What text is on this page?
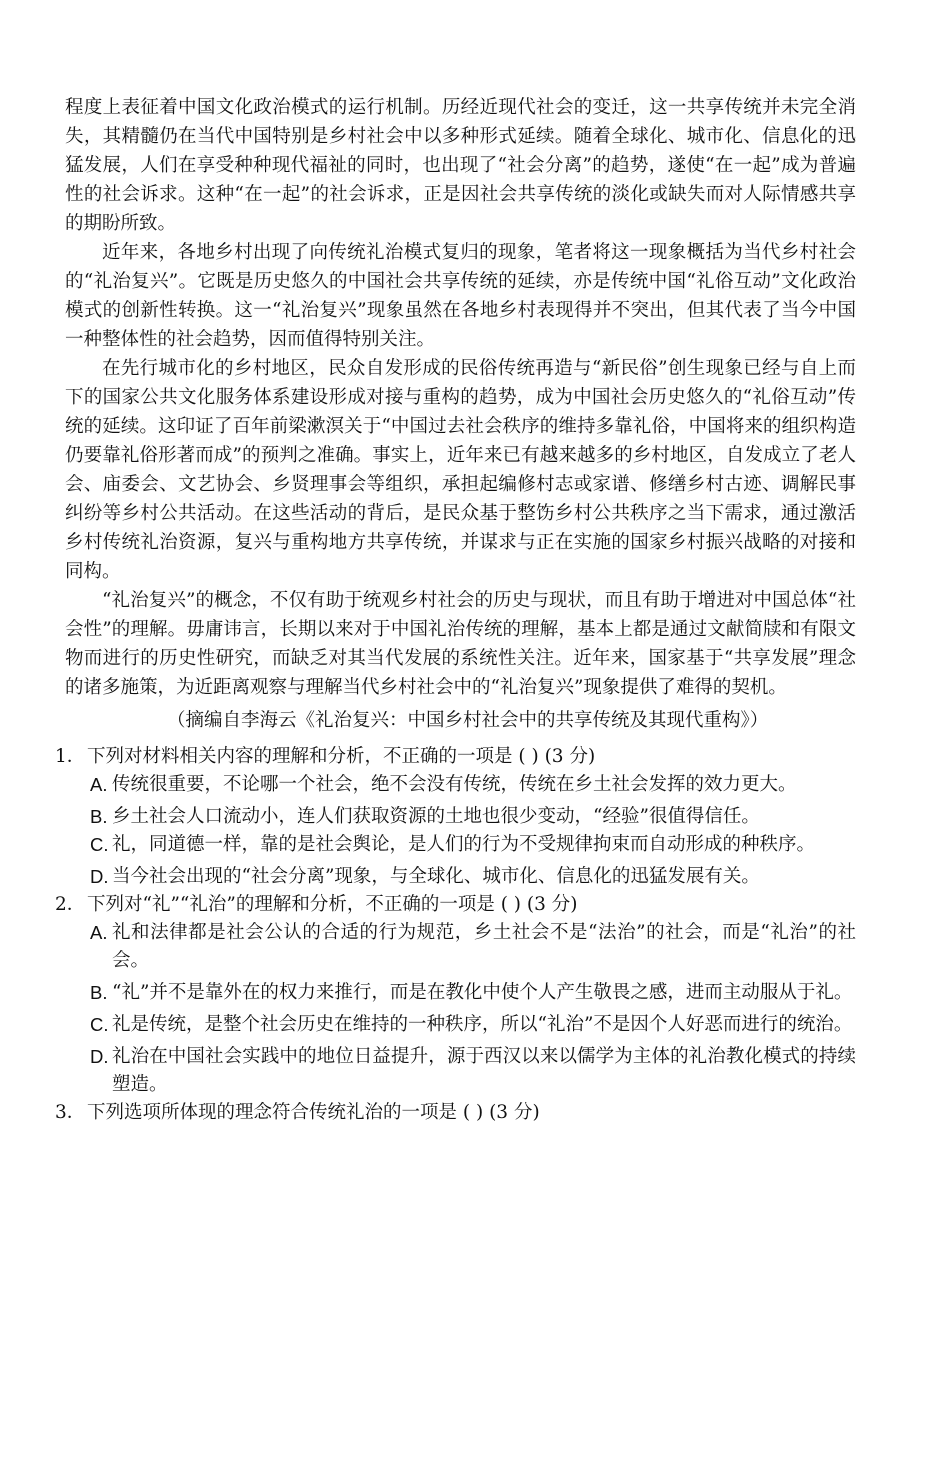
程度上表征着中国文化政治模式的运行机制。历经近现代社会的变迁，这一共享传统并未完全消失，其精髓仍在当代中国特别是乡村社会中以多种形式延续。随着全球化、城市化、信息化的迅猛发展，人们在享受种种现代福祉的同时，也出现了“社会分离”的趋势，遂使“在一起”成为普遍性的社会诉求。这种“在一起”的社会诉求，正是因社会共享传统的淡化或缺失而对人际情感共享的期盼所致。

近年来，各地乡村出现了向传统礼治模式复归的现象，笔者将这一现象概括为当代乡村社会的“礼治复兴”。它既是历史悠久的中国社会共享传统的延续，亦是传统中国“礼俗互动”文化政治模式的创新性转换。这一“礼治复兴”现象虽然在各地乡村表现得并不突出，但其代表了当今中国一种整体性的社会趋势，因而值得特别关注。

在先行城市化的乡村地区，民众自发形成的民俗传统再造与“新民俗”创生现象已经与自上而下的国家公共文化服务体系建设形成对接与重构的趋势，成为中国社会历史悠久的“礼俗互动”传统的延续。这印证了百年前梁漱溟关于“中国过去社会秩序的维持多靠礼俗，中国将来的组织构造仍要靠礼俗形著而成”的预判之准确。事实上，近年来已有越来越多的乡村地区，自发成立了老人会、庙委会、文艺协会、乡贤理事会等组织，承担起编修村志或家谱、修缮乡村古迹、调解民事纠纷等乡村公共活动。在这些活动的背后，是民众基于整饬乡村公共秩序之当下需求，通过激活乡村传统礼治资源，复兴与重构地方共享传统，并谋求与正在实施的国家乡村振兴战略的对接和同构。

“礼治复兴”的概念，不仅有助于统观乡村社会的历史与现状，而且有助于增进对中国总体“社会性”的理解。毋庸讳言，长期以来对于中国礼治传统的理解，基本上都是通过文献简牍和有限文物而进行的历史性研究，而缺乏对其当代发展的系统性关注。近年来，国家基于“共享发展”理念的诸多施策，为近距离观察与理解当代乡村社会中的“礼治复兴”现象提供了难得的契机。

（摘编自李海云《礼治复兴：中国乡村社会中的共享传统及其现代重构》）
1． 下列对材料相关内容的理解和分析，不正确的一项是 ( ) (3 分)
A. 传统很重要，不论哪一个社会，绝不会没有传统，传统在乡土社会发挥的效力更大。
B. 乡土社会人口流动小，连人们获取资源的土地也很少变动，“经验”很值得信任。
C. 礼，同道德一样，靠的是社会舆论，是人们的行为不受规律拘束而自动形成的种秩序。
D. 当今社会出现的“社会分离”现象，与全球化、城市化、信息化的迅猛发展有关。
2． 下列对“礼”“礼治”的理解和分析，不正确的一项是 ( ) (3 分)
A. 礼和法律都是社会公认的合适的行为规范，乡土社会不是“法治”的社会，而是“礼治”的社会。
B. “礼”并不是靠外在的权力来推行，而是在教化中使个人产生敬畏之感，进而主动服从于礼。
C. 礼是传统，是整个社会历史在维持的一种秩序，所以“礼治”不是因个人好恶而进行的统治。
D. 礼治在中国社会实践中的地位日益提升，源于西汉以来以儒学为主体的礼治教化模式的持续塑造。
3． 下列选项所体现的理念符合传统礼治的一项是 ( ) (3 分)
